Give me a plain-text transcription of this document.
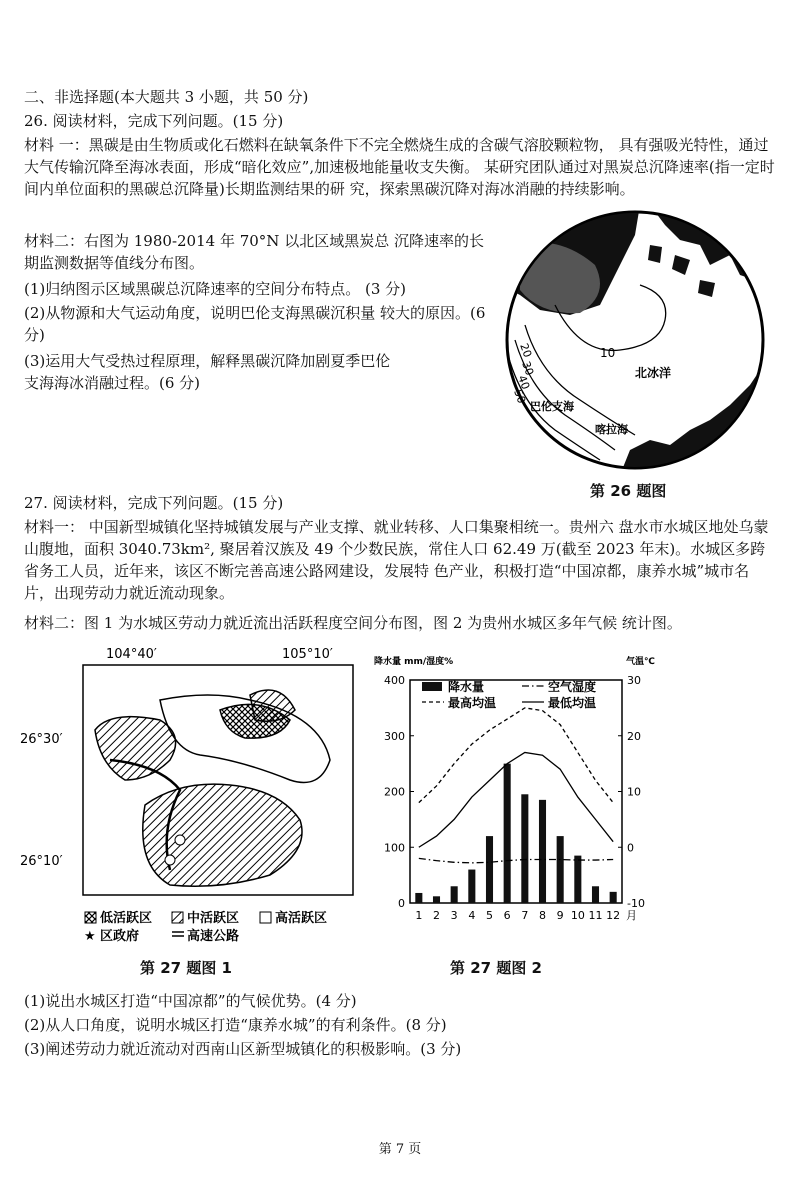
二、非选择题(本大题共 3 小题，共 50 分)
26. 阅读材料，完成下列问题。(15 分)
材料 一：黑碳是由生物质或化石燃料在缺氧条件下不完全燃烧生成的含碳气溶胶颗粒物， 具有强吸光特性，通过大气传输沉降至海冰表面，形成“暗化效应”,加速极地能量收支失衡。 某研究团队通过对黑炭总沉降速率(指一定时间内单位面积的黑碳总沉降量)长期监测结果的研 究，探索黑碳沉降对海冰消融的持续影响。
材料二：右图为 1980-2014 年 70°N 以北区域黑炭总 沉降速率的长期监测数据等值线分布图。
(1)归纳图示区域黑碳总沉降速率的空间分布特点。 (3 分)
(2)从物源和大气运动角度，说明巴伦支海黑碳沉积量 较大的原因。(6 分)
(3)运用大气受热过程原理，解释黑碳沉降加剧夏季巴伦支海海冰消融过程。(6 分)
10
20
30
40
50
北冰洋
巴伦支海
喀拉海
第 26 题图
27. 阅读材料，完成下列问题。(15 分)
材料一： 中国新型城镇化坚持城镇发展与产业支撑、就业转移、人口集聚相统一。贵州六 盘水市水城区地处乌蒙山腹地，面积 3040.73km², 聚居着汉族及 49 个少数民族，常住人口 62.49 万(截至 2023 年末)。水城区多跨省务工人员，近年来，该区不断完善高速公路网建设，发展特 色产业，积极打造“中国凉都，康养水城”城市名片，出现劳动力就近流动现象。
材料二：图 1 为水城区劳动力就近流出活跃程度空间分布图，图 2 为贵州水城区多年气候 统计图。
104°40′	105°10′
26°30′
26°10′
低活跃区	中活跃区	高活跃区
★ 区政府	高速公路
第 27 题图 1
降水量 mm/湿度%	气温℃
0
100
200
300
400
-10
0
10
20
30
1 2 3 4 5 6 7 8 9 10 11 12 月
降水量	空气湿度
最高均温	最低均温
第 27 题图 2
(1)说出水城区打造“中国凉都”的气候优势。(4 分)
(2)从人口角度，说明水城区打造“康养水城”的有利条件。(8 分)
(3)阐述劳动力就近流动对西南山区新型城镇化的积极影响。(3 分)
第 7 页
